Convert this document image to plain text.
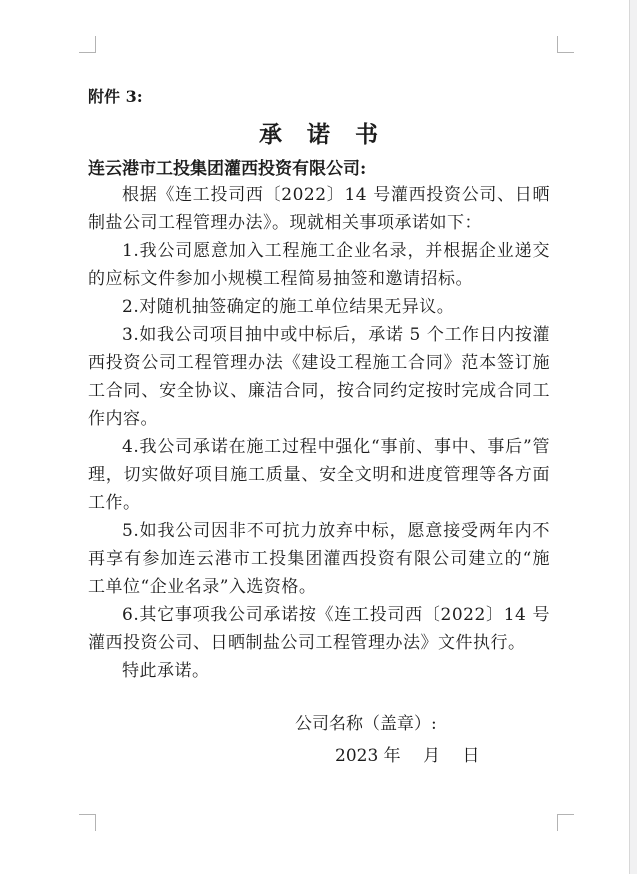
附件 3:
承　诺　书
连云港市工投集团灌西投资有限公司:

根据《连工投司西〔2022〕14 号灌西投资公司、日晒制盐公司工程管理办法》。现就相关事项承诺如下：

1.我公司愿意加入工程施工企业名录，并根据企业递交的应标文件参加小规模工程简易抽签和邀请招标。

2.对随机抽签确定的施工单位结果无异议。

3.如我公司项目抽中或中标后，承诺 5 个工作日内按灌西投资公司工程管理办法《建设工程施工合同》范本签订施工合同、安全协议、廉洁合同，按合同约定按时完成合同工作内容。

4.我公司承诺在施工过程中强化“事前、事中、事后”管理，切实做好项目施工质量、安全文明和进度管理等各方面工作。

5.如我公司因非不可抗力放弃中标，愿意接受两年内不再享有参加连云港市工投集团灌西投资有限公司建立的“施工单位“企业名录”入选资格。

6.其它事项我公司承诺按《连工投司西〔2022〕14 号灌西投资公司、日晒制盐公司工程管理办法》文件执行。

特此承诺。

公司名称（盖章）:
2023 年　 月　 日
